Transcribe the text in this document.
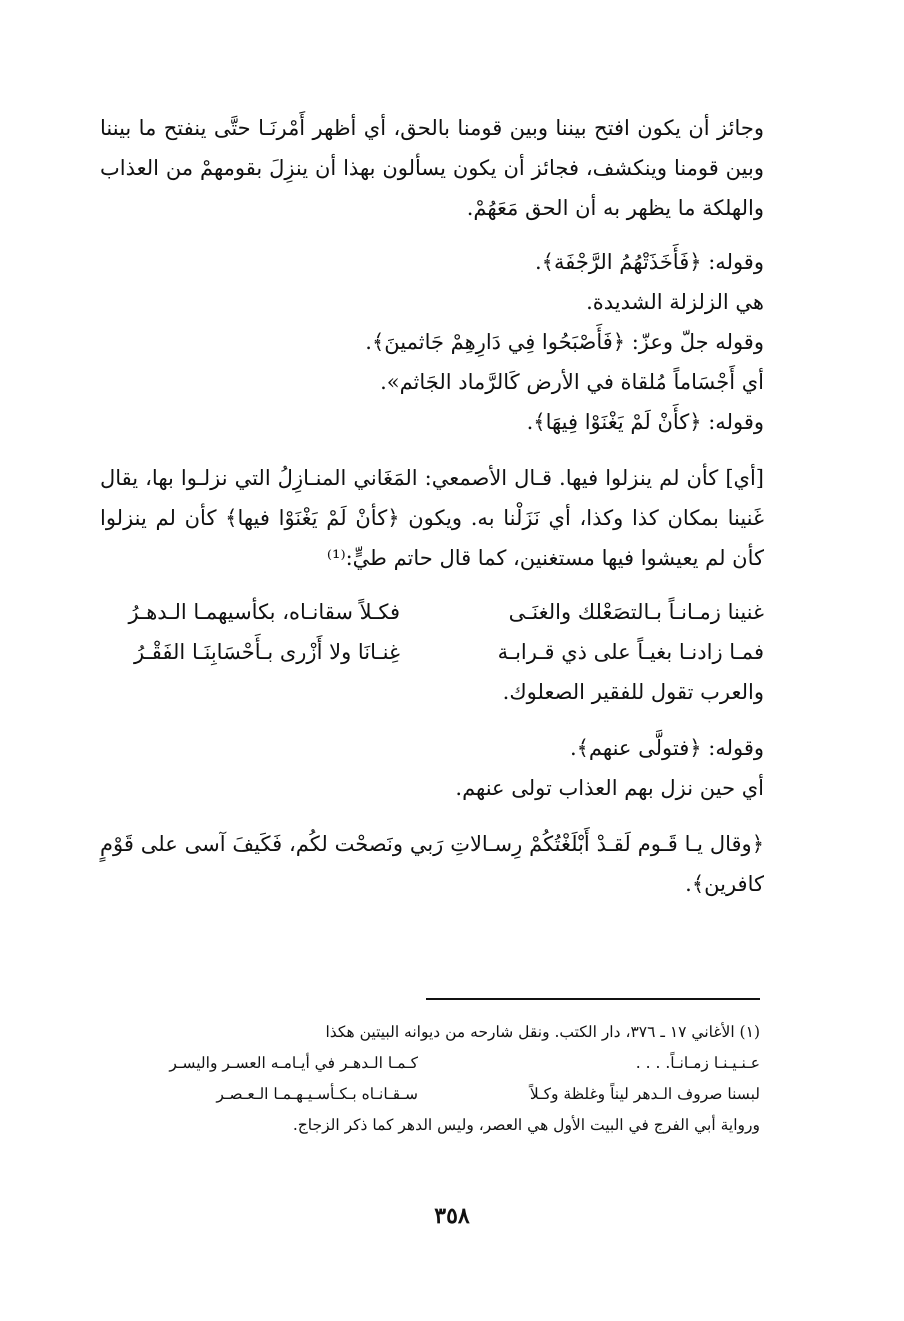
وجائز أن يكون افتح بيننا وبين قومنا بالحق، أي أظهر أَمْرنَـا حتَّى ينفتح ما بيننا وبين قومنا وينكشف، فجائز أن يكون يسألون بهذا أن ينزِلَ بقومهمْ من العذاب والهلكة ما يظهر به أن الحق مَعَهُمْ.

وقوله: ﴿فَأَخَذَتْهُمُ الرَّجْفَة﴾.

هي الزلزلة الشديدة.

وقوله جلّ وعزّ: ﴿فَأَصْبَحُوا فِي دَارِهِمْ جَاثمينَ﴾.

أي أَجْسَاماً مُلقاة في الأرض كَالرَّماد الجَاثم».

وقوله: ﴿كأَنْ لَمْ يَغْنَوْا فِيهَا﴾.

[أي] كأن لم ينزلوا فيها. قـال الأصمعي: المَغَاني المنـازِلُ التي نزلـوا بها، يقال غَنينا بمكان كذا وكذا، أي نَزَلْنا به. ويكون ﴿كأنْ لَمْ يَغْنَوْا فيها﴾ كأن لم ينزلوا كأن لم يعيشوا فيها مستغنين، كما قال حاتم طيٍّ:⁽¹⁾

غنينا زمـانـاً بـالتصَعْلك والغنَـى
فكـلاً سقانـاه، بكأسيهمـا الـدهـرُ
فمـا زادنـا بغيـاً على ذي قـرابـة
غِنـانَا ولا أَزْرى بـأَحْسَابِنَـا الفَقْـرُ

والعرب تقول للفقير الصعلوك.

وقوله: ﴿فتولَّى عنهم﴾.

أي حين نزل بهم العذاب تولى عنهم.

﴿وقال يـا قَـوم لَقـدْ أَبْلَغْتُكُمْ رِسـالاتِ رَبي ونَصحْت لكُم، فَكَيفَ آسى على قَوْمٍ كافرين﴾.

(١) الأغاني ١٧ ـ ٣٧٦، دار الكتب. ونقل شارحه من ديوانه البيتين هكذا

عـنـيـنـا زمـانـاً. . . .
كـمـا الـدهـر في أيـامـه العسـر واليسـر
لبسنا صروف الـدهر ليناً وغلظة وكـلاً
سـقـانـاه بـكـأسـيـهـمـا الـعـصـر

ورواية أبي الفرج في البيت الأول هي العصر، وليس الدهر كما ذكر الزجاج.

٣٥٨
